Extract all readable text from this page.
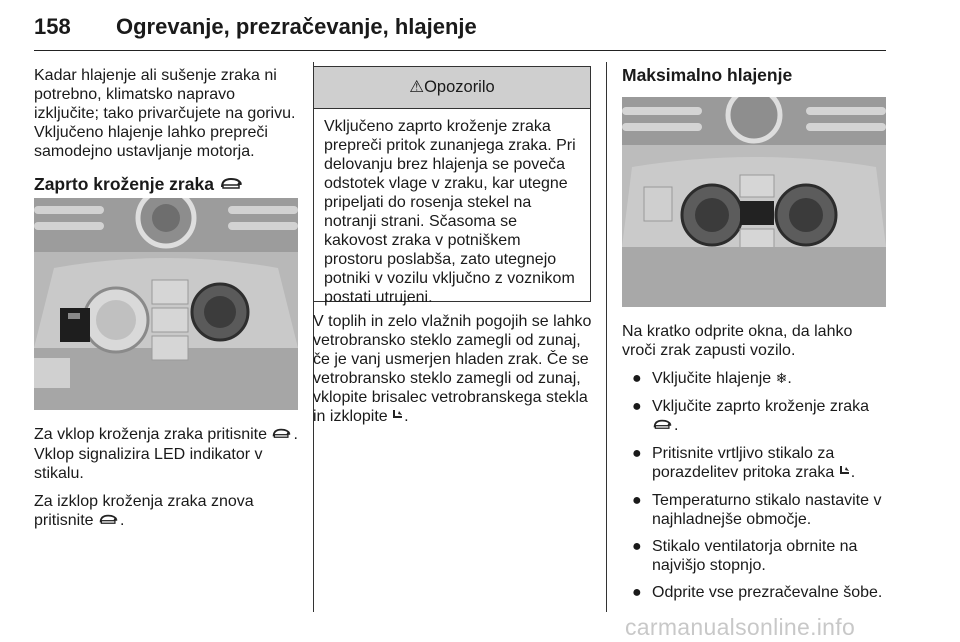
158 Ogrevanje, prezračevanje, hlajenje

Kadar hlajenje ali sušenje zraka ni potrebno, klimatsko napravo izključite; tako privarčujete na gorivu. Vključeno hlajenje lahko prepreči samodejno ustavljanje motorja.

Zaprto kroženje zraka

Za vklop kroženja zraka pritisnite . Vklop signalizira LED indikator v stikalu.

Za izklop kroženja zraka znova pritisnite .

⚠Opozorilo
Vključeno zaprto kroženje zraka prepreči pritok zunanjega zraka. Pri delovanju brez hlajenja se poveča odstotek vlage v zraku, kar utegne pripeljati do rosenja stekel na notranji strani. Sčasoma se kakovost zraka v potniškem prostoru poslabša, zato utegnejo potniki v vozilu vključno z voznikom postati utrujeni.

V toplih in zelo vlažnih pogojih se lahko vetrobransko steklo zamegli od zunaj, če je vanj usmerjen hladen zrak. Če se vetrobransko steklo zamegli od zunaj, vklopite brisalec vetrobranskega stekla in izklopite .

Maksimalno hlajenje

Na kratko odprite okna, da lahko vroči zrak zapusti vozilo.

● Vključite hlajenje ❄.
● Vključite zaprto kroženje zraka
.
● Pritisnite vrtljivo stikalo za porazdelitev pritoka zraka .
● Temperaturno stikalo nastavite v najhladnejše območje.
● Stikalo ventilatorja obrnite na najvišjo stopnjo.
● Odprite vse prezračevalne šobe.
carmanualsonline.info
